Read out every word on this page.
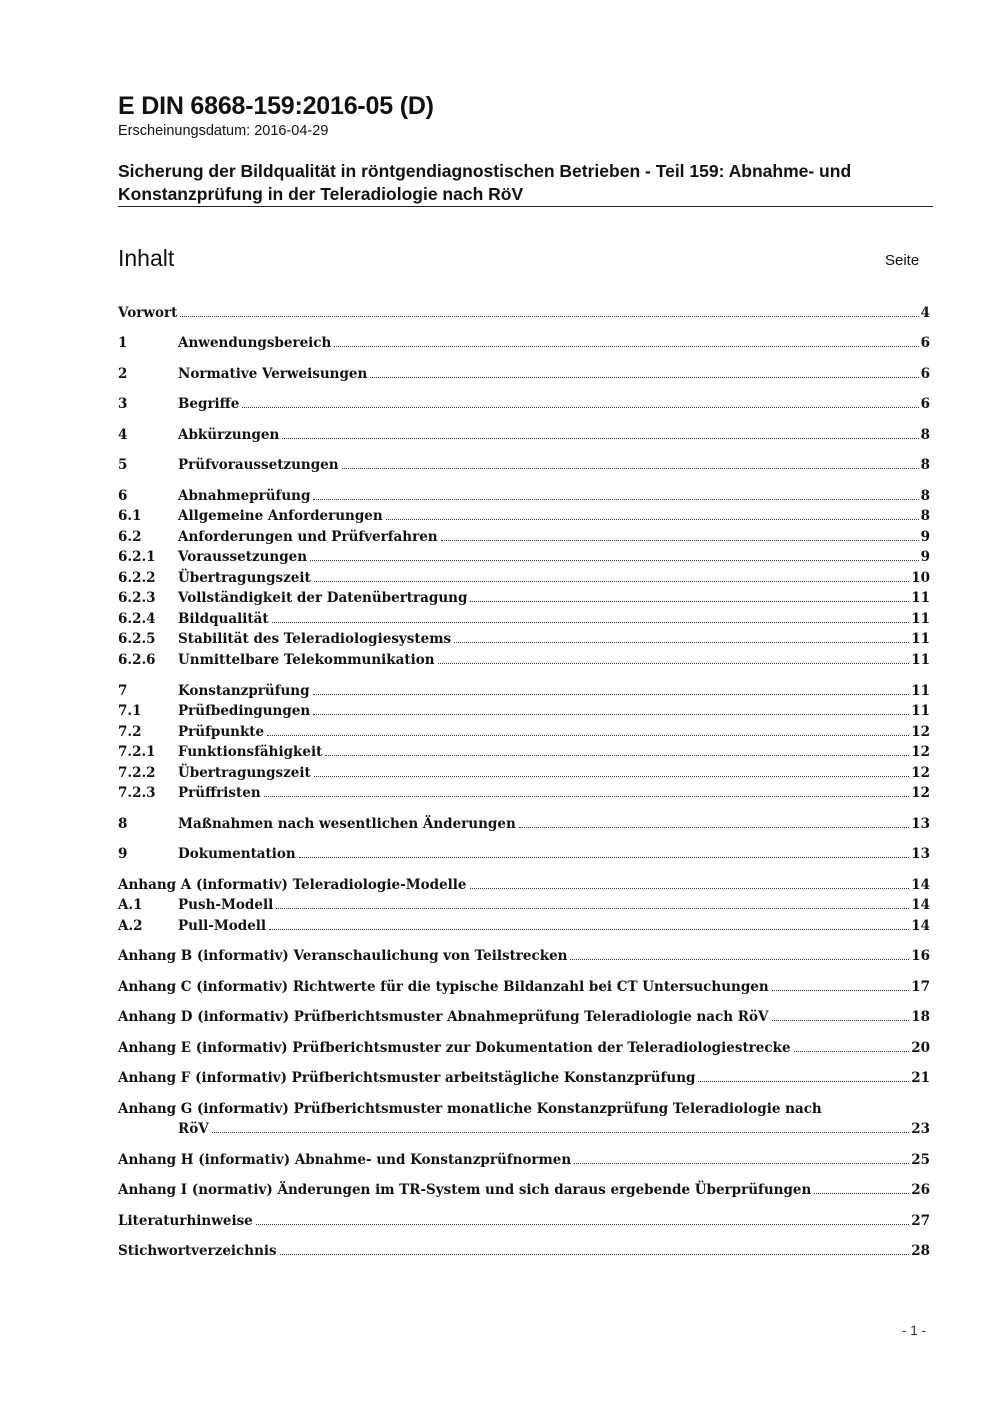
E DIN 6868-159:2016-05 (D)
Erscheinungsdatum: 2016-04-29
Sicherung der Bildqualität in röntgendiagnostischen Betrieben - Teil 159: Abnahme- und Konstanzprüfung in der Teleradiologie nach RöV
Inhalt	Seite
Vorwort	4
1	Anwendungsbereich	6
2	Normative Verweisungen	6
3	Begriffe	6
4	Abkürzungen	8
5	Prüfvoraussetzungen	8
6	Abnahmeprüfung	8
6.1	Allgemeine Anforderungen	8
6.2	Anforderungen und Prüfverfahren	9
6.2.1 Voraussetzungen	9
6.2.2 Übertragungszeit	10
6.2.3 Vollständigkeit der Datenübertragung	11
6.2.4 Bildqualität	11
6.2.5 Stabilität des Teleradiologiesystems	11
6.2.6 Unmittelbare Telekommunikation	11
7	Konstanzprüfung	11
7.1	Prüfbedingungen	11
7.2	Prüfpunkte	12
7.2.1 Funktionsfähigkeit	12
7.2.2 Übertragungszeit	12
7.2.3 Prüffristen	12
8	Maßnahmen nach wesentlichen Änderungen	13
9	Dokumentation	13
Anhang A (informativ) Teleradiologie-Modelle	14
A.1	Push-Modell	14
A.2	Pull-Modell	14
Anhang B (informativ) Veranschaulichung von Teilstrecken	16
Anhang C (informativ) Richtwerte für die typische Bildanzahl bei CT Untersuchungen	17
Anhang D (informativ) Prüfberichtsmuster Abnahmeprüfung Teleradiologie nach RöV	18
Anhang E (informativ) Prüfberichtsmuster zur Dokumentation der Teleradiologiestrecke	20
Anhang F (informativ) Prüfberichtsmuster arbeitstägliche Konstanzprüfung	21
Anhang G (informativ) Prüfberichtsmuster monatliche Konstanzprüfung Teleradiologie nach
RöV	23
Anhang H (informativ) Abnahme- und Konstanzprüfnormen	25
Anhang I (normativ) Änderungen im TR-System und sich daraus ergebende Überprüfungen	26
Literaturhinweise	27
Stichwortverzeichnis	28
- 1 -
